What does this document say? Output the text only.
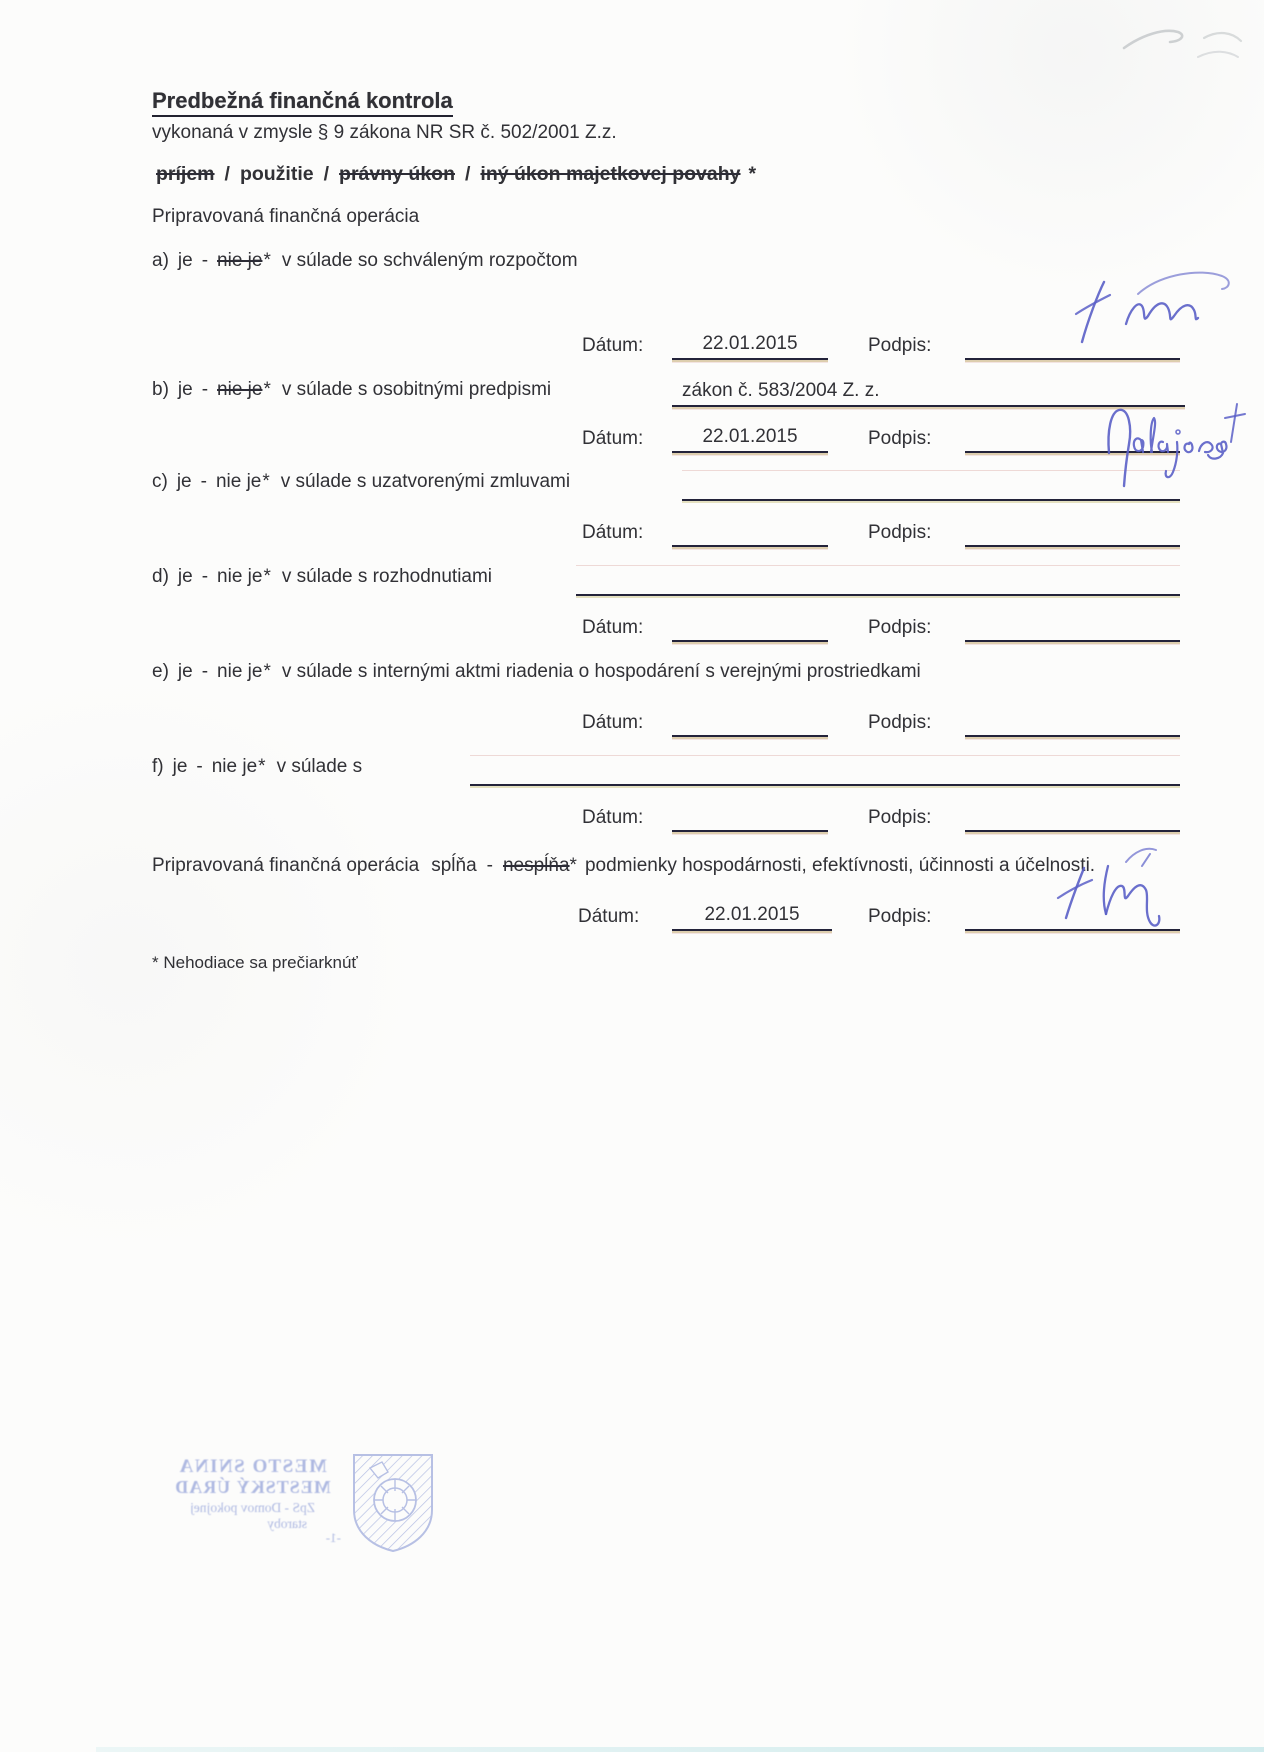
Predbežná finančná kontrola
vykonaná v zmysle § 9 zákona NR SR č. 502/2001 Z.z.
príjem / použitie / právny úkon / iný úkon majetkovej povahy *
Pripravovaná finančná operácia
a) je - nie je* v súlade so schváleným rozpočtom
Dátum:	22.01.2015	Podpis:
b) je - nie je* v súlade s osobitnými predpismi	zákon č. 583/2004 Z. z.
Dátum:	22.01.2015	Podpis:
c) je - nie je* v súlade s uzatvorenými zmluvami
Dátum:	Podpis:
d) je - nie je* v súlade s rozhodnutiami
Dátum:	Podpis:
e) je - nie je* v súlade s internými aktmi riadenia o hospodárení s verejnými prostriedkami
Dátum:	Podpis:
f) je - nie je* v súlade s
Dátum:	Podpis:
Pripravovaná finančná operácia spĺňa - nespĺňa* podmienky hospodárnosti, efektívnosti, účinnosti a účelnosti.
Dátum:	22.01.2015	Podpis:
* Nehodiace sa prečiarknúť
MESTO SNINA
MESTSKÝ ÚRAD
ZpS - Domov pokojnej
staroby
-1-
